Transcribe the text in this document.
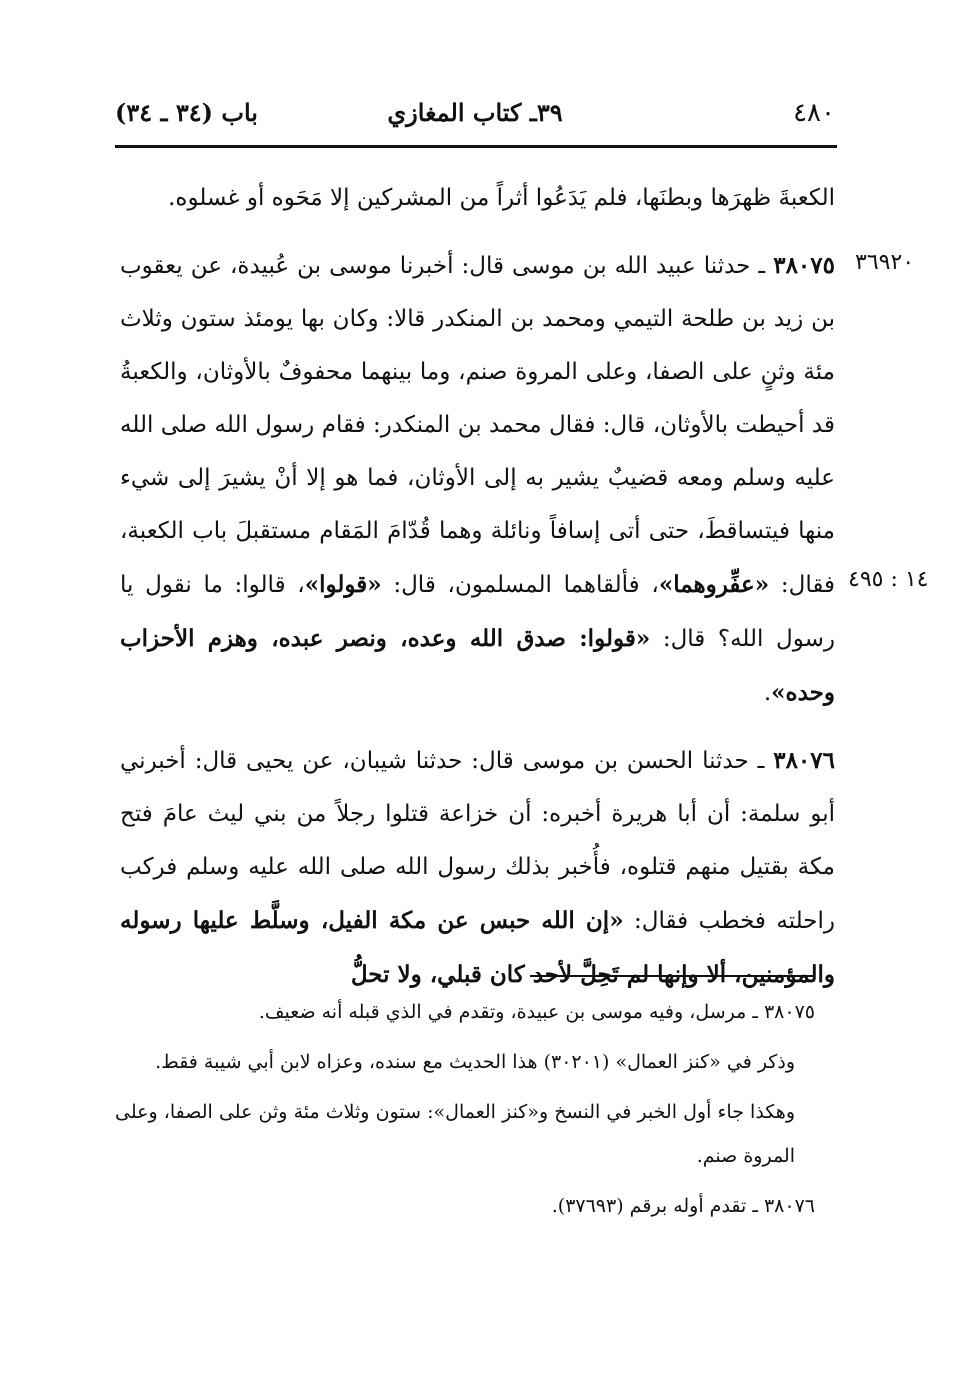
٤٨٠
٣٩ـ كتاب المغازي
باب (٣٤ ـ ٣٤)
٣٦٩٢٠
١٤ : ٤٩٥

الكعبةَ ظهرَها وبطنَها، فلم يَدَعُوا أثراً من المشركين إلا مَحَوه أو غسلوه.

٣٨٠٧٥ ـ حدثنا عبيد الله بن موسى قال: أخبرنا موسى بن عُبيدة، عن يعقوب بن زيد بن طلحة التيمي ومحمد بن المنكدر قالا: وكان بها يومئذ ستون وثلاث مئة وثنٍ على الصفا، وعلى المروة صنم، وما بينهما محفوفٌ بالأوثان، والكعبةُ قد أحيطت بالأوثان، قال: فقال محمد بن المنكدر: فقام رسول الله صلى الله عليه وسلم ومعه قضيبٌ يشير به إلى الأوثان، فما هو إلا أنْ يشيرَ إلى شيء منها فيتساقطَ، حتى أتى إسافاً ونائلة وهما قُدّامَ المَقام مستقبلَ باب الكعبة، فقال: «عفِّروهما»، فألقاهما المسلمون، قال: «قولوا»، قالوا: ما نقول يا رسول الله؟ قال: «قولوا: صدق الله وعده، ونصر عبده، وهزم الأحزاب وحده».

٣٨٠٧٦ ـ حدثنا الحسن بن موسى قال: حدثنا شيبان، عن يحيى قال: أخبرني أبو سلمة: أن أبا هريرة أخبره: أن خزاعة قتلوا رجلاً من بني ليث عامَ فتح مكة بقتيل منهم قتلوه، فأُخبر بذلك رسول الله صلى الله عليه وسلم فركب راحلته فخطب فقال: «إن الله حبس عن مكة الفيل، وسلَّط عليها رسوله والمؤمنين، ألا وإنها لم تَحِلَّ لأحد كان قبلي، ولا تحلُّ

٣٨٠٧٥ ـ مرسل، وفيه موسى بن عبيدة، وتقدم في الذي قبله أنه ضعيف.

وذكر في «كنز العمال» (٣٠٢٠١) هذا الحديث مع سنده، وعزاه لابن أبي شيبة فقط.

وهكذا جاء أول الخبر في النسخ و«كنز العمال»: ستون وثلاث مئة وثن على الصفا، وعلى المروة صنم.

٣٨٠٧٦ ـ تقدم أوله برقم (٣٧٦٩٣).
